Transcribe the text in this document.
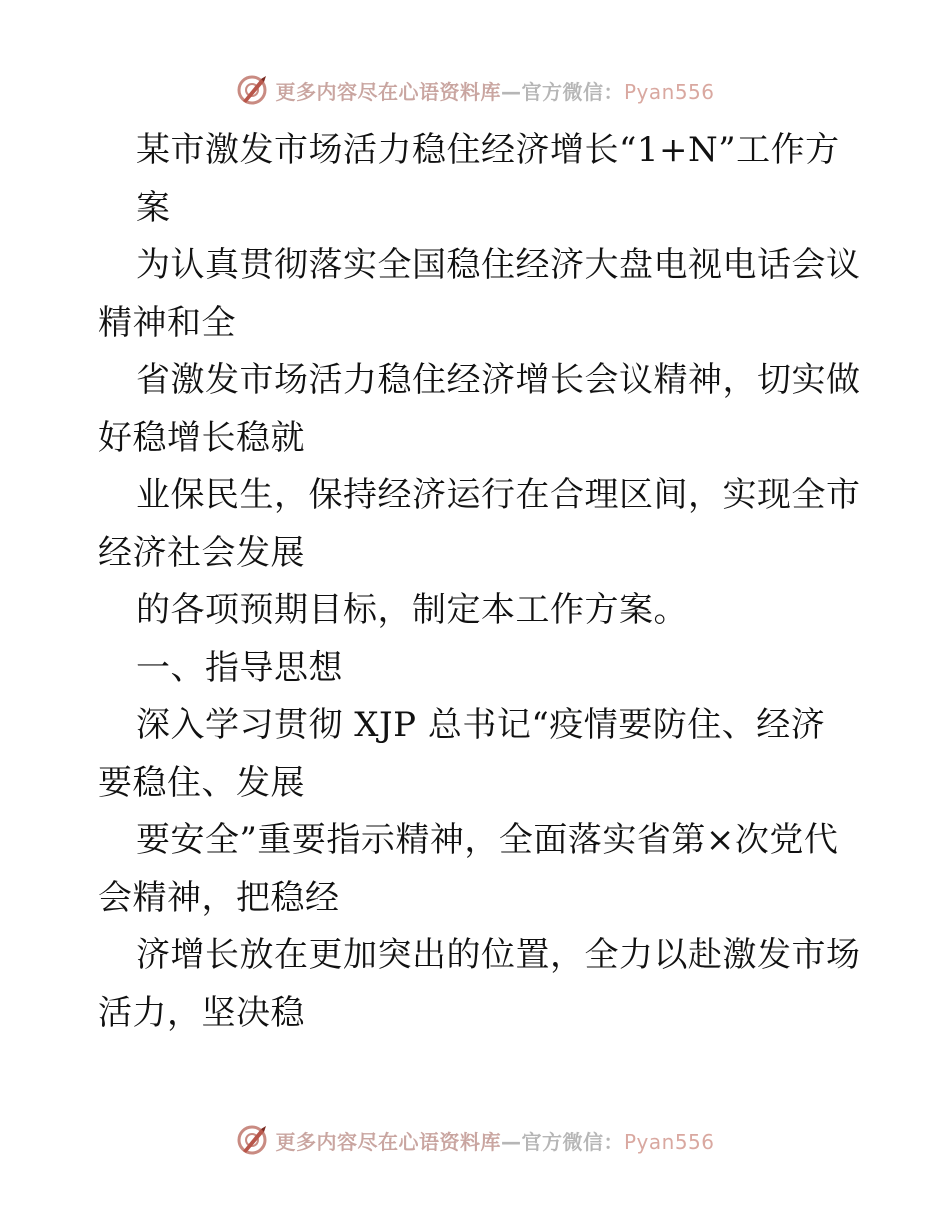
更多内容尽在心语资料库—官方微信：Pyan556
某市激发市场活力稳住经济增长“1+N”工作方
案
为认真贯彻落实全国稳住经济大盘电视电话会议
精神和全
省激发市场活力稳住经济增长会议精神，切实做
好稳增长稳就
业保民生，保持经济运行在合理区间，实现全市
经济社会发展
的各项预期目标，制定本工作方案。
一、指导思想
深入学习贯彻 XJP 总书记“疫情要防住、经济
要稳住、发展
要安全”重要指示精神，全面落实省第×次党代
会精神，把稳经
济增长放在更加突出的位置，全力以赴激发市场
活力，坚决稳
更多内容尽在心语资料库—官方微信：Pyan556
